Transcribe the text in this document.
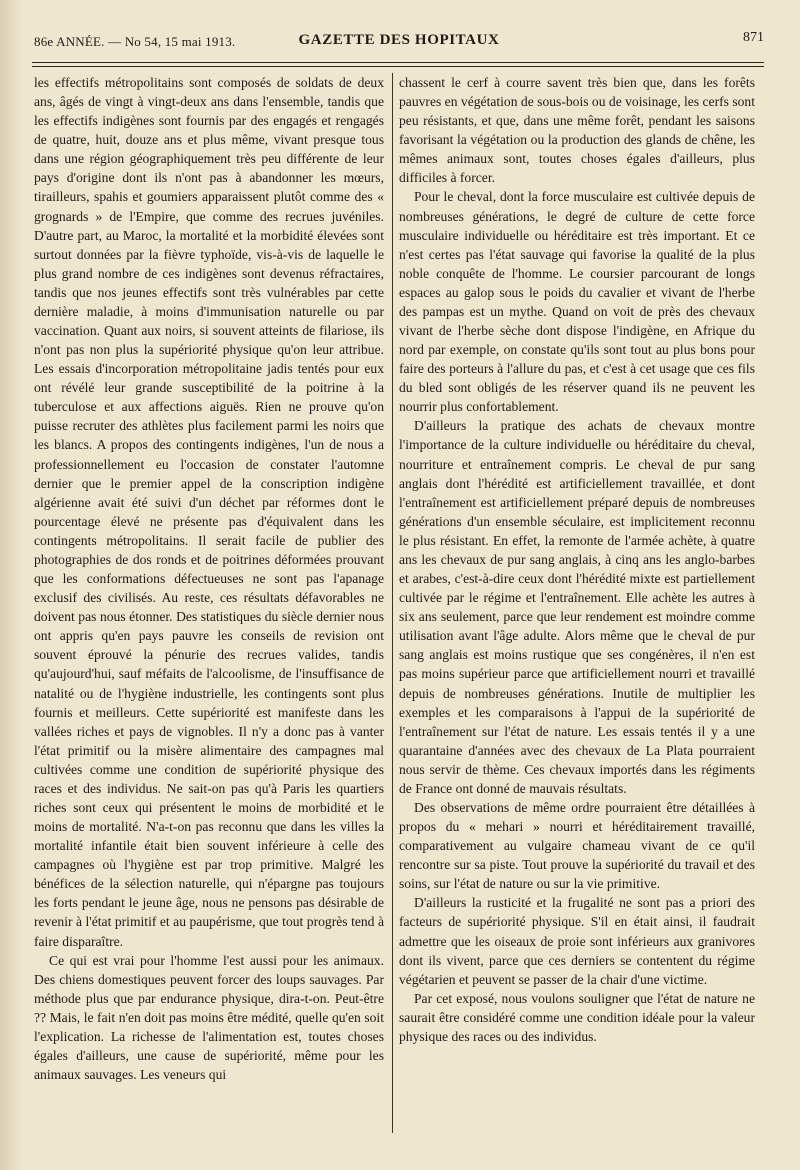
86e ANNÉE. — No 54, 15 mai 1913.	GAZETTE DES HOPITAUX	871

les effectifs métropolitains sont composés de soldats de deux ans, âgés de vingt à vingt-deux ans dans l'ensemble, tandis que les effectifs indigènes sont fournis par des engagés et rengagés de quatre, huit, douze ans et plus même, vivant presque tous dans une région géographiquement très peu différente de leur pays d'origine dont ils n'ont pas à abandonner les mœurs, tirailleurs, spahis et goumiers apparaissent plutôt comme des « grognards » de l'Empire, que comme des recrues juvéniles. D'autre part, au Maroc, la mortalité et la morbidité élevées sont surtout données par la fièvre typhoïde, vis-à-vis de laquelle le plus grand nombre de ces indigènes sont devenus réfractaires, tandis que nos jeunes effectifs sont très vulnérables par cette dernière maladie, à moins d'immunisation naturelle ou par vaccination. Quant aux noirs, si souvent atteints de filariose, ils n'ont pas non plus la supériorité physique qu'on leur attribue. Les essais d'incorporation métropolitaine jadis tentés pour eux ont révélé leur grande susceptibilité de la poitrine à la tuberculose et aux affections aiguës. Rien ne prouve qu'on puisse recruter des athlètes plus facilement parmi les noirs que les blancs. A propos des contingents indigènes, l'un de nous a professionnellement eu l'occasion de constater l'automne dernier que le premier appel de la conscription indigène algérienne avait été suivi d'un déchet par réformes dont le pourcentage élevé ne présente pas d'équivalent dans les contingents métropolitains. Il serait facile de publier des photographies de dos ronds et de poitrines déformées prouvant que les conformations défectueuses ne sont pas l'apanage exclusif des civilisés. Au reste, ces résultats défavorables ne doivent pas nous étonner. Des statistiques du siècle dernier nous ont appris qu'en pays pauvre les conseils de revision ont souvent éprouvé la pénurie des recrues valides, tandis qu'aujourd'hui, sauf méfaits de l'alcoolisme, de l'insuffisance de natalité ou de l'hygiène industrielle, les contingents sont plus fournis et meilleurs. Cette supériorité est manifeste dans les vallées riches et pays de vignobles. Il n'y a donc pas à vanter l'état primitif ou la misère alimentaire des campagnes mal cultivées comme une condition de supériorité physique des races et des individus. Ne sait-on pas qu'à Paris les quartiers riches sont ceux qui présentent le moins de morbidité et le moins de mortalité. N'a-t-on pas reconnu que dans les villes la mortalité infantile était bien souvent inférieure à celle des campagnes où l'hygiène est par trop primitive. Malgré les bénéfices de la sélection naturelle, qui n'épargne pas toujours les forts pendant le jeune âge, nous ne pensons pas désirable de revenir à l'état primitif et au paupérisme, que tout progrès tend à faire disparaître.

Ce qui est vrai pour l'homme l'est aussi pour les animaux. Des chiens domestiques peuvent forcer des loups sauvages. Par méthode plus que par endurance physique, dira-t-on. Peut-être ?? Mais, le fait n'en doit pas moins être médité, quelle qu'en soit l'explication. La richesse de l'alimentation est, toutes choses égales d'ailleurs, une cause de supériorité, même pour les animaux sauvages. Les veneurs qui

chassent le cerf à courre savent très bien que, dans les forêts pauvres en végétation de sous-bois ou de voisinage, les cerfs sont peu résistants, et que, dans une même forêt, pendant les saisons favorisant la végétation ou la production des glands de chêne, les mêmes animaux sont, toutes choses égales d'ailleurs, plus difficiles à forcer.

Pour le cheval, dont la force musculaire est cultivée depuis de nombreuses générations, le degré de culture de cette force musculaire individuelle ou héréditaire est très important. Et ce n'est certes pas l'état sauvage qui favorise la qualité de la plus noble conquête de l'homme. Le coursier parcourant de longs espaces au galop sous le poids du cavalier et vivant de l'herbe des pampas est un mythe. Quand on voit de près des chevaux vivant de l'herbe sèche dont dispose l'indigène, en Afrique du nord par exemple, on constate qu'ils sont tout au plus bons pour faire des porteurs à l'allure du pas, et c'est à cet usage que ces fils du bled sont obligés de les réserver quand ils ne peuvent les nourrir plus confortablement.

D'ailleurs la pratique des achats de chevaux montre l'importance de la culture individuelle ou héréditaire du cheval, nourriture et entraînement compris. Le cheval de pur sang anglais dont l'hérédité est artificiellement travaillée, et dont l'entraînement est artificiellement préparé depuis de nombreuses générations d'un ensemble séculaire, est implicitement reconnu le plus résistant. En effet, la remonte de l'armée achète, à quatre ans les chevaux de pur sang anglais, à cinq ans les anglo-barbes et arabes, c'est-à-dire ceux dont l'hérédité mixte est partiellement cultivée par le régime et l'entraînement. Elle achète les autres à six ans seulement, parce que leur rendement est moindre comme utilisation avant l'âge adulte. Alors même que le cheval de pur sang anglais est moins rustique que ses congénères, il n'en est pas moins supérieur parce que artificiellement nourri et travaillé depuis de nombreuses générations. Inutile de multiplier les exemples et les comparaisons à l'appui de la supériorité de l'entraînement sur l'état de nature. Les essais tentés il y a une quarantaine d'années avec des chevaux de La Plata pourraient nous servir de thème. Ces chevaux importés dans les régiments de France ont donné de mauvais résultats.

Des observations de même ordre pourraient être détaillées à propos du « mehari » nourri et héréditairement travaillé, comparativement au vulgaire chameau vivant de ce qu'il rencontre sur sa piste. Tout prouve la supériorité du travail et des soins, sur l'état de nature ou sur la vie primitive.

D'ailleurs la rusticité et la frugalité ne sont pas a priori des facteurs de supériorité physique. S'il en était ainsi, il faudrait admettre que les oiseaux de proie sont inférieurs aux granivores dont ils vivent, parce que ces derniers se contentent du régime végétarien et peuvent se passer de la chair d'une victime.

Par cet exposé, nous voulons souligner que l'état de nature ne saurait être considéré comme une condition idéale pour la valeur physique des races ou des individus.
